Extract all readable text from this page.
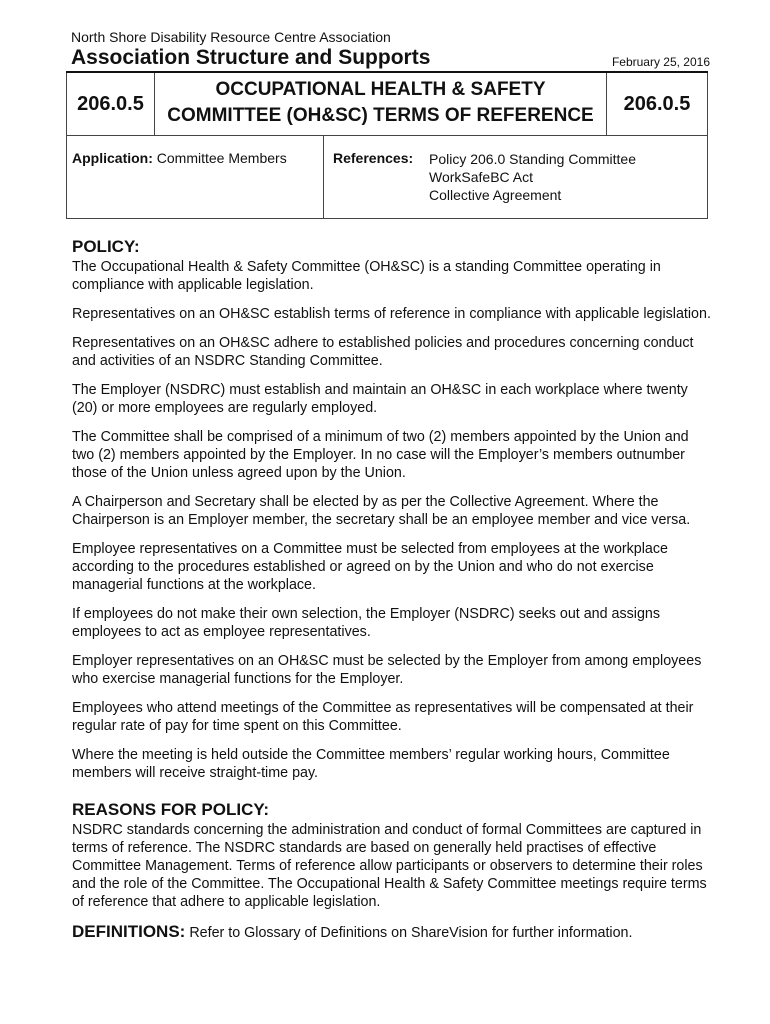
North Shore Disability Resource Centre Association
Association Structure and Supports	February 25, 2016
206.0.5
OCCUPATIONAL HEALTH & SAFETY
COMMITTEE (OH&SC) TERMS OF REFERENCE
206.0.5
Application: Committee Members	References: Policy 206.0 Standing Committee
WorkSafeBC Act
Collective Agreement
POLICY:

The Occupational Health & Safety Committee (OH&SC) is a standing Committee operating in compliance with applicable legislation.

Representatives on an OH&SC establish terms of reference in compliance with applicable legislation.

Representatives on an OH&SC adhere to established policies and procedures concerning conduct and activities of an NSDRC Standing Committee.

The Employer (NSDRC) must establish and maintain an OH&SC in each workplace where twenty (20) or more employees are regularly employed.

The Committee shall be comprised of a minimum of two (2) members appointed by the Union and two (2) members appointed by the Employer. In no case will the Employer’s members outnumber those of the Union unless agreed upon by the Union.

A Chairperson and Secretary shall be elected by as per the Collective Agreement. Where the Chairperson is an Employer member, the secretary shall be an employee member and vice versa.

Employee representatives on a Committee must be selected from employees at the workplace according to the procedures established or agreed on by the Union and who do not exercise managerial functions at the workplace.

If employees do not make their own selection, the Employer (NSDRC) seeks out and assigns employees to act as employee representatives.

Employer representatives on an OH&SC must be selected by the Employer from among employees who exercise managerial functions for the Employer.

Employees who attend meetings of the Committee as representatives will be compensated at their regular rate of pay for time spent on this Committee.

Where the meeting is held outside the Committee members’ regular working hours, Committee members will receive straight-time pay.

REASONS FOR POLICY:

NSDRC standards concerning the administration and conduct of formal Committees are captured in terms of reference. The NSDRC standards are based on generally held practises of effective Committee Management. Terms of reference allow participants or observers to determine their roles and the role of the Committee. The Occupational Health & Safety Committee meetings require terms of reference that adhere to applicable legislation.

DEFINITIONS: Refer to Glossary of Definitions on ShareVision for further information.
